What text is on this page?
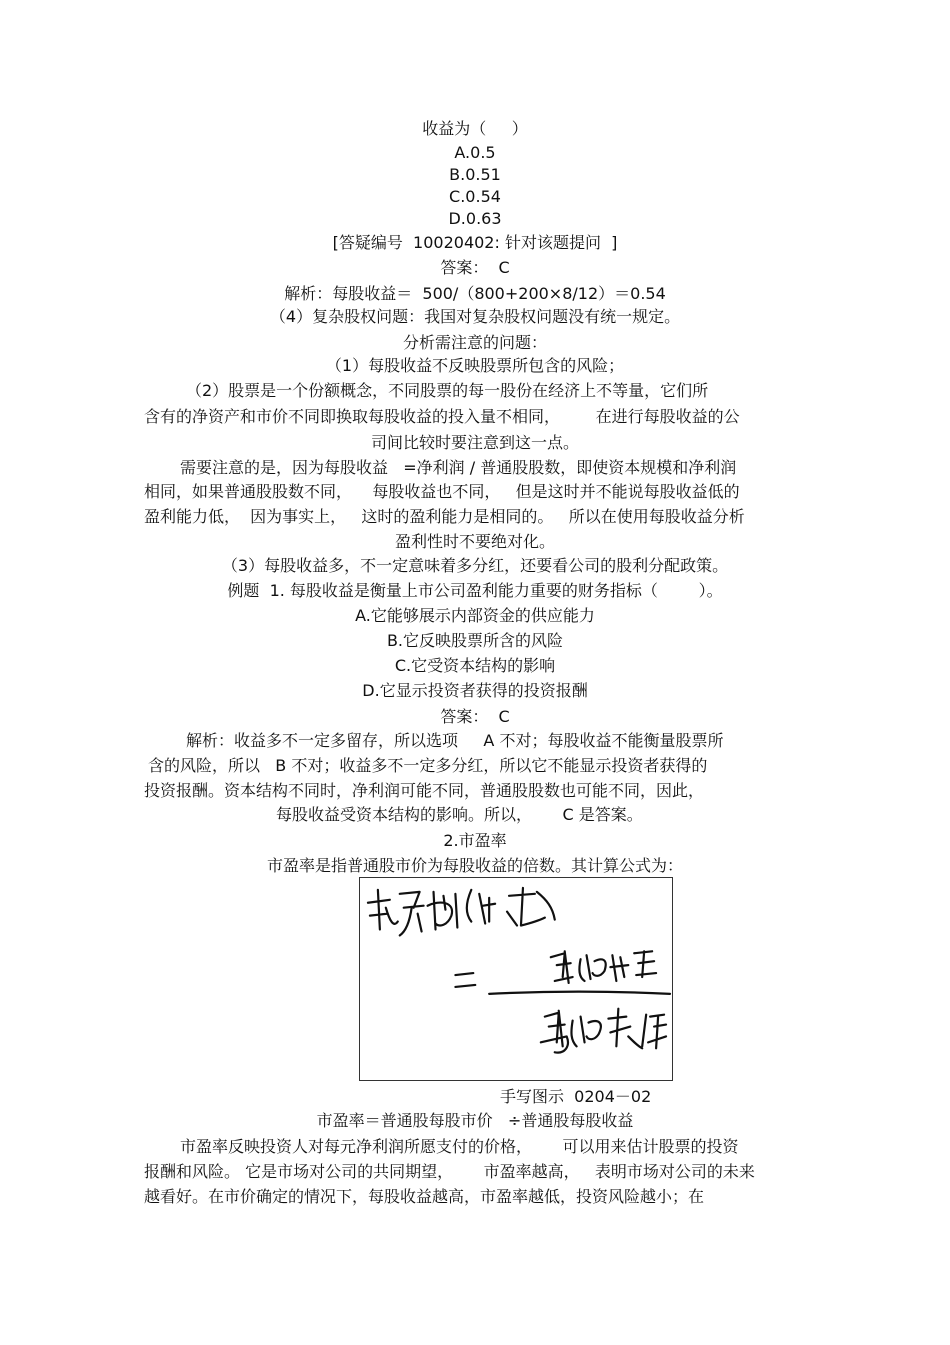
收益为（     ）
A.0.5
B.0.51
C.0.54
D.0.63
[答疑编号  10020402: 针对该题提问  ]
答案：  C
解析：每股收益＝  500/（800+200×8/12）＝0.54
（4）复杂股权问题：我国对复杂股权问题没有统一规定。
分析需注意的问题：
（1）每股收益不反映股票所包含的风险；
（2）股票是一个份额概念，不同股票的每一股份在经济上不等量，它们所
含有的净资产和市价不同即换取每股收益的投入量不相同，       在进行每股收益的公
司间比较时要注意到这一点。
需要注意的是，因为每股收益   =净利润 / 普通股股数，即使资本规模和净利润
相同，如果普通股股数不同，    每股收益也不同，   但是这时并不能说每股收益低的
盈利能力低，  因为事实上，   这时的盈利能力是相同的。   所以在使用每股收益分析
盈利性时不要绝对化。
（3）每股收益多，不一定意味着多分红，还要看公司的股利分配政策。
例题  1. 每股收益是衡量上市公司盈利能力重要的财务指标（        ）。
A.它能够展示内部资金的供应能力
B.它反映股票所含的风险
C.它受资本结构的影响
D.它显示投资者获得的投资报酬
答案：  C
解析：收益多不一定多留存，所以选项     A 不对；每股收益不能衡量股票所
含的风险，所以   B 不对；收益多不一定多分红，所以它不能显示投资者获得的
投资报酬。资本结构不同时，净利润可能不同，普通股股数也可能不同，因此，
每股收益受资本结构的影响。所以，      C 是答案。
2.市盈率
市盈率是指普通股市价为每股收益的倍数。其计算公式为：
手写图示  0204－02
市盈率＝普通股每股市价   ÷普通股每股收益
市盈率反映投资人对每元净利润所愿支付的价格，      可以用来估计股票的投资
报酬和风险。 它是市场对公司的共同期望，      市盈率越高，   表明市场对公司的未来
越看好。在市价确定的情况下，每股收益越高，市盈率越低，投资风险越小；在
